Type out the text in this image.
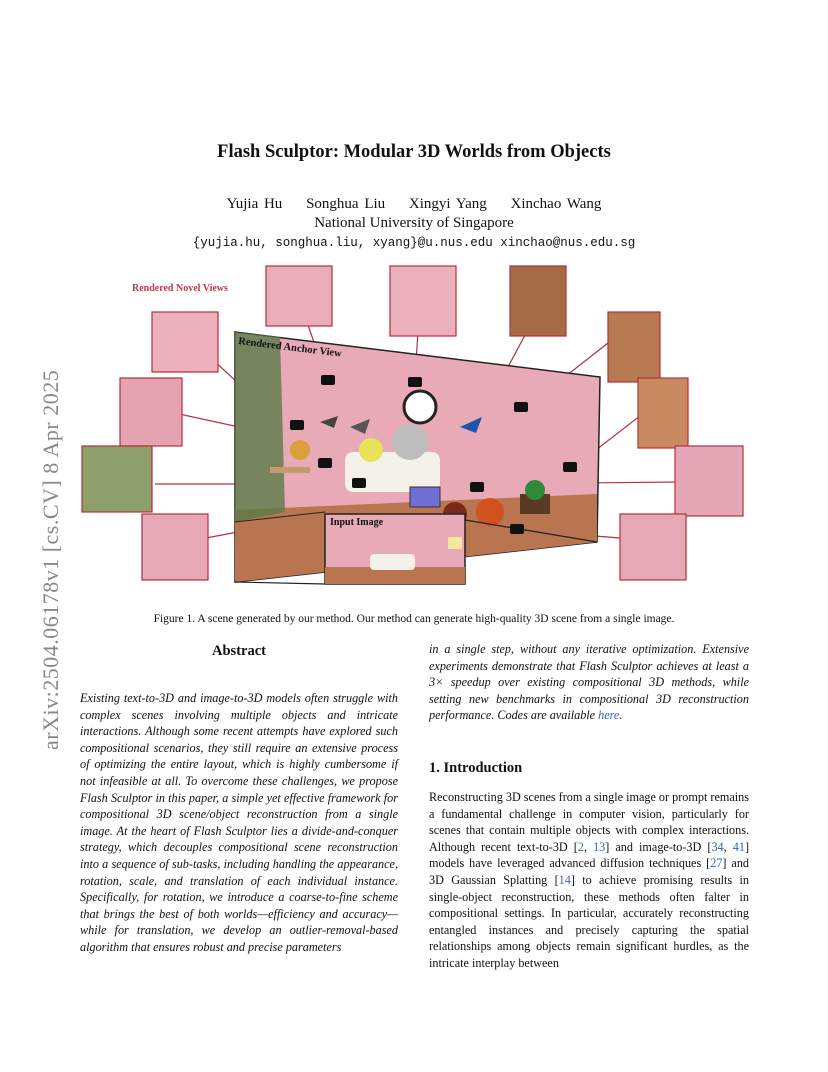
Flash Sculptor: Modular 3D Worlds from Objects
Yujia Hu Songhua Liu Xingyi Yang Xinchao Wang
National University of Singapore
{yujia.hu, songhua.liu, xyang}@u.nus.edu xinchao@nus.edu.sg
arXiv:2504.06178v1 [cs.CV] 8 Apr 2025
Rendered Novel Views
Rendered Anchor View
Input Image
Figure 1. A scene generated by our method. Our method can generate high-quality 3D scene from a single image.
Abstract
Existing text-to-3D and image-to-3D models often struggle with complex scenes involving multiple objects and intricate interactions. Although some recent attempts have explored such compositional scenarios, they still require an extensive process of optimizing the entire layout, which is highly cumbersome if not infeasible at all. To overcome these challenges, we propose Flash Sculptor in this paper, a simple yet effective framework for compositional 3D scene/object reconstruction from a single image. At the heart of Flash Sculptor lies a divide-and-conquer strategy, which decouples compositional scene reconstruction into a sequence of sub-tasks, including handling the appearance, rotation, scale, and translation of each individual instance. Specifically, for rotation, we introduce a coarse-to-fine scheme that brings the best of both worlds—efficiency and accuracy—while for translation, we develop an outlier-removal-based algorithm that ensures robust and precise parameters
in a single step, without any iterative optimization. Extensive experiments demonstrate that Flash Sculptor achieves at least a 3× speedup over existing compositional 3D methods, while setting new benchmarks in compositional 3D reconstruction performance. Codes are available here.
1. Introduction
Reconstructing 3D scenes from a single image or prompt remains a fundamental challenge in computer vision, particularly for scenes that contain multiple objects with complex interactions. Although recent text-to-3D [2, 13] and image-to-3D [34, 41] models have leveraged advanced diffusion techniques [27] and 3D Gaussian Splatting [14] to achieve promising results in single-object reconstruction, these methods often falter in compositional settings. In particular, accurately reconstructing entangled instances and precisely capturing the spatial relationships among objects remain significant hurdles, as the intricate interplay between
